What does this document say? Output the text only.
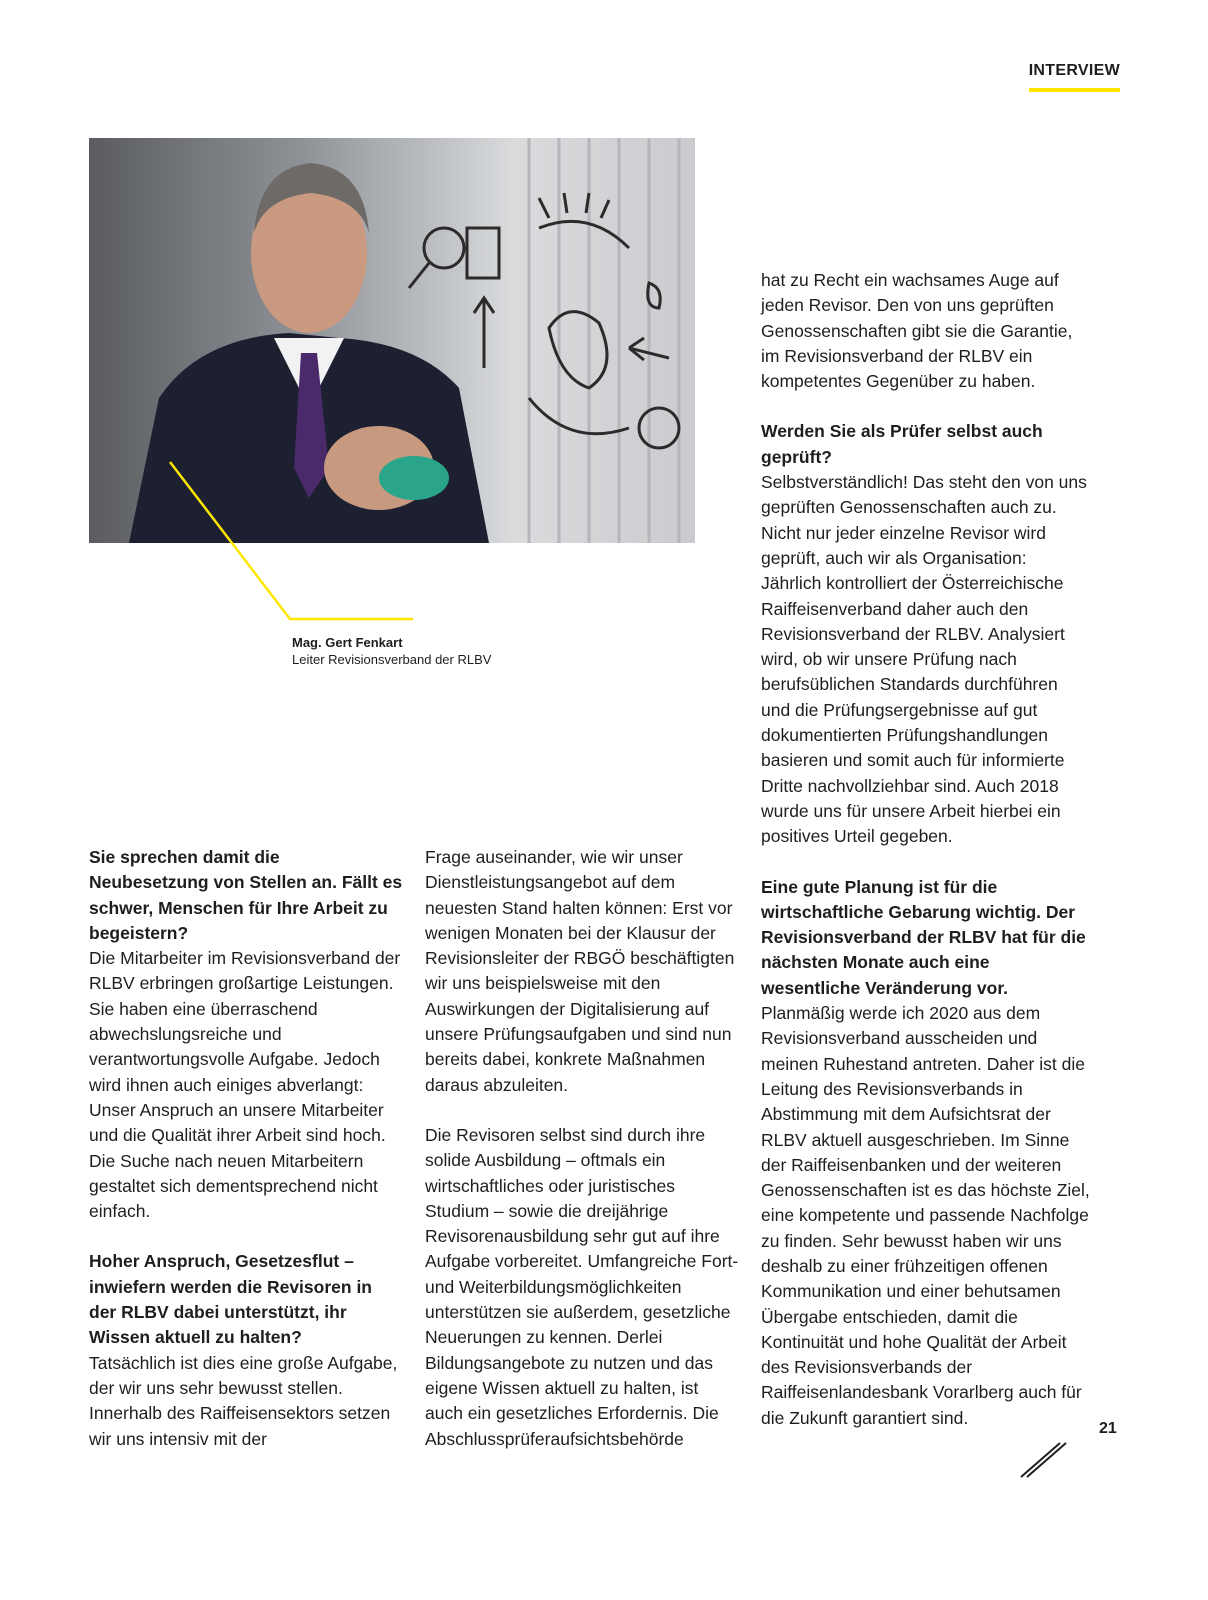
INTERVIEW
Mag. Gert Fenkart
Leiter Revisionsverband der RLBV

Sie sprechen damit die Neubesetzung von Stellen an. Fällt es schwer, Menschen für Ihre Arbeit zu begeistern?
Die Mitarbeiter im Revisionsverband der RLBV erbringen großartige Leistungen. Sie haben eine überraschend abwechslungsreiche und verantwortungsvolle Aufgabe. Jedoch wird ihnen auch einiges abverlangt: Unser Anspruch an unsere Mitarbeiter und die Qualität ihrer Arbeit sind hoch. Die Suche nach neuen Mitarbeitern gestaltet sich dementsprechend nicht einfach.

Hoher Anspruch, Gesetzesflut – inwiefern werden die Revisoren in der RLBV dabei unterstützt, ihr Wissen aktuell zu halten?
Tatsächlich ist dies eine große Aufgabe, der wir uns sehr bewusst stellen. Innerhalb des Raiffeisensektors setzen wir uns intensiv mit der

Frage auseinander, wie wir unser Dienstleistungsangebot auf dem neuesten Stand halten können: Erst vor wenigen Monaten bei der Klausur der Revisionsleiter der RBGÖ beschäftigten wir uns beispielsweise mit den Auswirkungen der Digitalisierung auf unsere Prüfungsaufgaben und sind nun bereits dabei, konkrete Maßnahmen daraus abzuleiten.

Die Revisoren selbst sind durch ihre solide Ausbildung – oftmals ein wirtschaftliches oder juristisches Studium – sowie die dreijährige Revisorenausbildung sehr gut auf ihre Aufgabe vorbereitet. Umfangreiche Fort- und Weiterbildungsmöglichkeiten unterstützen sie außerdem, gesetzliche Neuerungen zu kennen. Derlei Bildungsangebote zu nutzen und das eigene Wissen aktuell zu halten, ist auch ein gesetzliches Erfordernis. Die Abschlussprüferaufsichtsbehörde

hat zu Recht ein wachsames Auge auf jeden Revisor. Den von uns geprüften Genossenschaften gibt sie die Garantie, im Revisionsverband der RLBV ein kompetentes Gegenüber zu haben.

Werden Sie als Prüfer selbst auch geprüft?
Selbstverständlich! Das steht den von uns geprüften Genossenschaften auch zu. Nicht nur jeder einzelne Revisor wird geprüft, auch wir als Organisation: Jährlich kontrolliert der Österreichische Raiffeisenverband daher auch den Revisionsverband der RLBV. Analysiert wird, ob wir unsere Prüfung nach berufsüblichen Standards durchführen und die Prüfungsergebnisse auf gut dokumentierten Prüfungshandlungen basieren und somit auch für informierte Dritte nachvollziehbar sind. Auch 2018 wurde uns für unsere Arbeit hierbei ein positives Urteil gegeben.

Eine gute Planung ist für die wirtschaftliche Gebarung wichtig. Der Revisionsverband der RLBV hat für die nächsten Monate auch eine wesentliche Veränderung vor.
Planmäßig werde ich 2020 aus dem Revisionsverband ausscheiden und meinen Ruhestand antreten. Daher ist die Leitung des Revisionsverbands in Abstimmung mit dem Aufsichtsrat der RLBV aktuell ausgeschrieben. Im Sinne der Raiffeisenbanken und der weiteren Genossenschaften ist es das höchste Ziel, eine kompetente und passende Nachfolge zu finden. Sehr bewusst haben wir uns deshalb zu einer frühzeitigen offenen Kommunikation und einer behutsamen Übergabe entschieden, damit die Kontinuität und hohe Qualität der Arbeit des Revisionsverbands der Raiffeisenlandesbank Vorarlberg auch für die Zukunft garantiert sind.

21
